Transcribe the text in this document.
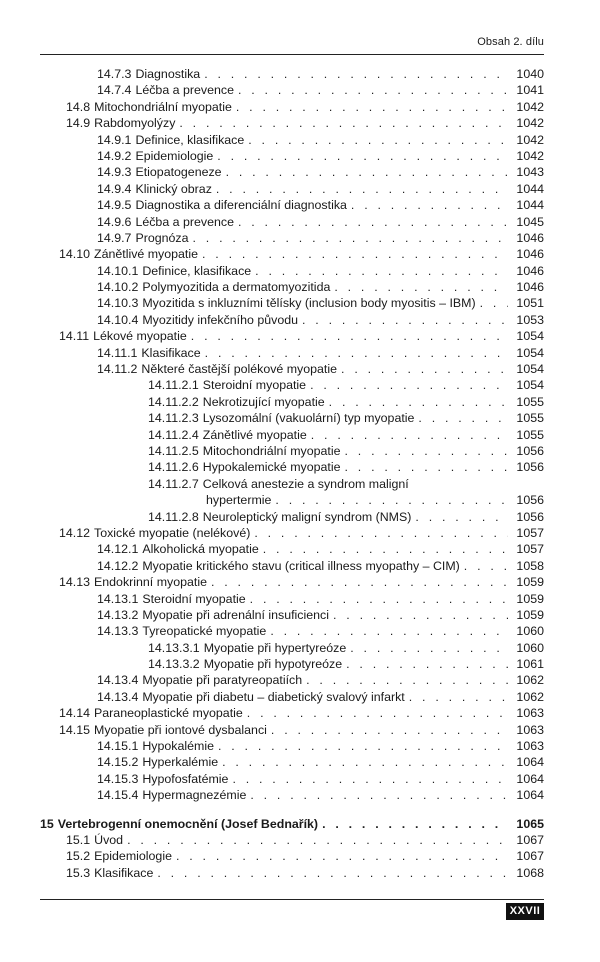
Obsah 2. dílu
14.7.3 Diagnostika . . .	1040
14.7.4 Léčba a prevence . . .	1041
14.8 Mitochondriální myopatie . . .	1042
14.9 Rabdomyolýzy . . .	1042
14.9.1 Definice, klasifikace . . .	1042
14.9.2 Epidemiologie . . .	1042
14.9.3 Etiopatogeneze . . .	1043
14.9.4 Klinický obraz . . .	1044
14.9.5 Diagnostika a diferenciální diagnostika . . .	1044
14.9.6 Léčba a prevence . . .	1045
14.9.7 Prognóza . . .	1046
14.10 Zánětlivé myopatie . . .	1046
14.10.1 Definice, klasifikace . . .	1046
14.10.2 Polymyozitida a dermatomyozitida . . .	1046
14.10.3 Myozitida s inkluzními tělísky (inclusion body myositis – IBM) . . .	1051
14.10.4 Myozitidy infekčního původu . . .	1053
14.11 Lékové myopatie . . .	1054
14.11.1 Klasifikace . . .	1054
14.11.2 Některé častější polékové myopatie . . .	1054
14.11.2.1 Steroidní myopatie . . .	1054
14.11.2.2 Nekrotizující myopatie . . .	1055
14.11.2.3 Lysozomální (vakuolární) typ myopatie . . .	1055
14.11.2.4 Zánětlivé myopatie . . .	1055
14.11.2.5 Mitochondriální myopatie . . .	1056
14.11.2.6 Hypokalemické myopatie . . .	1056
14.11.2.7 Celková anestezie a syndrom maligní
hypertermie . . .	1056
14.11.2.8 Neuroleptický maligní syndrom (NMS) . . .	1056
14.12 Toxické myopatie (nelékové) . . .	1057
14.12.1 Alkoholická myopatie . . .	1057
14.12.2 Myopatie kritického stavu (critical illness myopathy – CIM) . . .	1058
14.13 Endokrinní myopatie . . .	1059
14.13.1 Steroidní myopatie . . .	1059
14.13.2 Myopatie při adrenální insuficienci . . .	1059
14.13.3 Tyreopatické myopatie . . .	1060
14.13.3.1 Myopatie při hypertyreóze . . .	1060
14.13.3.2 Myopatie při hypotyreóze . . .	1061
14.13.4 Myopatie při paratyreopatiích . . .	1062
14.13.4 Myopatie při diabetu – diabetický svalový infarkt . . .	1062
14.14 Paraneoplastické myopatie . . .	1063
14.15 Myopatie při iontové dysbalanci . . .	1063
14.15.1 Hypokalémie . . .	1063
14.15.2 Hyperkalémie . . .	1064
14.15.3 Hypofosfatémie . . .	1064
14.15.4 Hypermagnezémie . . .	1064
15 Vertebrogenní onemocnění (Josef Bednařík) . . .	1065
15.1 Úvod . . .	1067
15.2 Epidemiologie . . .	1067
15.3 Klasifikace . . .	1068
XXVII
